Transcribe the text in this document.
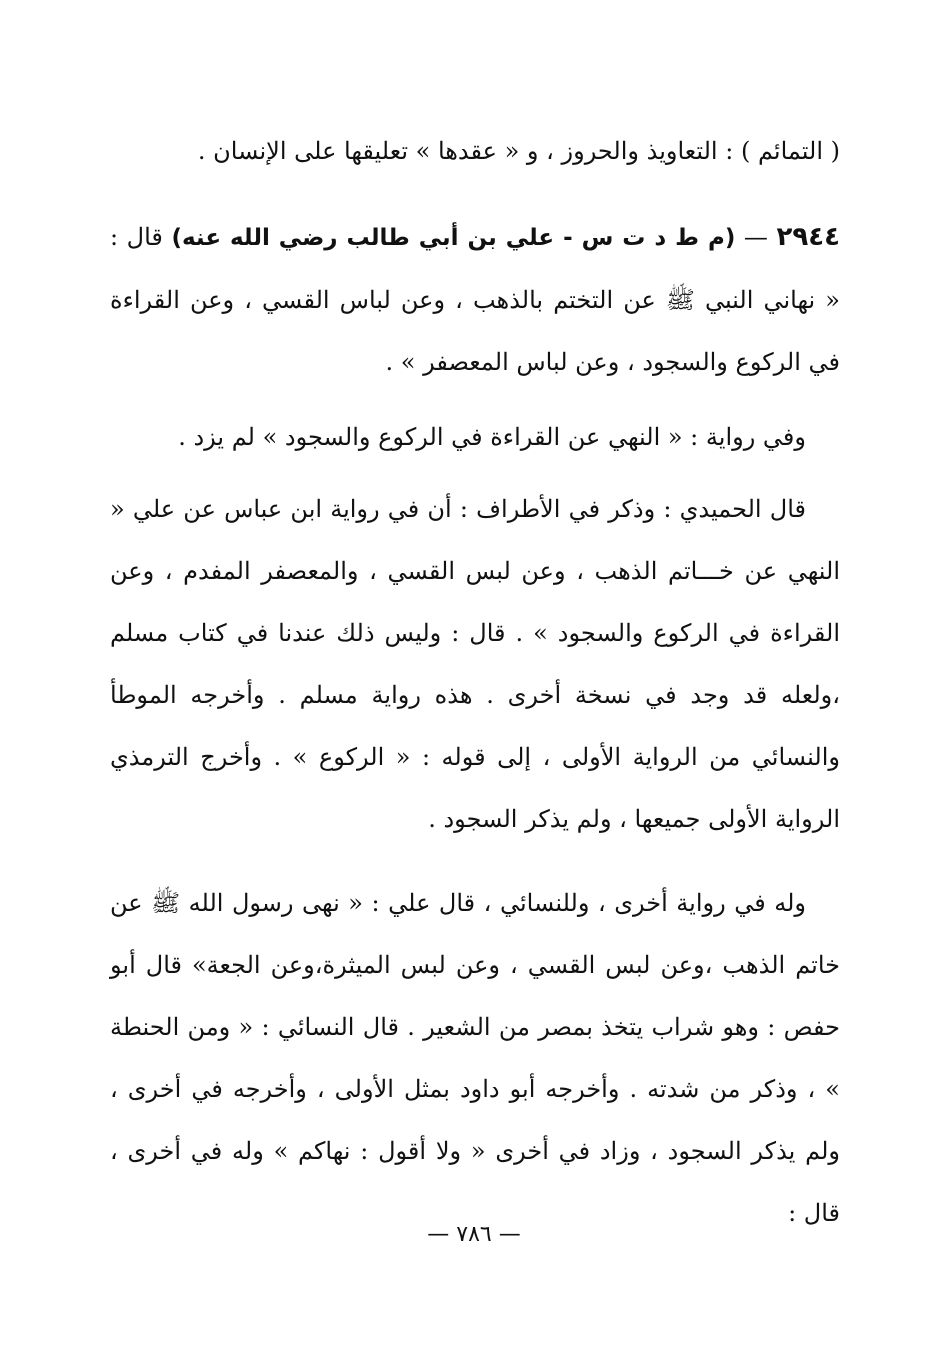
( التمائم ) : التعاويذ والحروز ، و « عقدها » تعليقها على الإنسان .

٢٩٤٤ — (م ط د ت س - علي بن أبي طالب رضي الله عنه) قال : « نهاني النبي ﷺ عن التختم بالذهب ، وعن لباس القسي ، وعن القراءة في الركوع والسجود ، وعن لباس المعصفر » .

وفي رواية : « النهي عن القراءة في الركوع والسجود » لم يزد .

قال الحميدي : وذكر في الأطراف : أن في رواية ابن عباس عن علي « النهي عن خـــاتم الذهب ، وعن لبس القسي ، والمعصفر المفدم ، وعن القراءة في الركوع والسجود » . قال : وليس ذلك عندنا في كتاب مسلم ،ولعله قد وجد في نسخة أخرى . هذه رواية مسلم . وأخرجه الموطأ والنسائي من الرواية الأولى ، إلى قوله : « الركوع » . وأخرج الترمذي الرواية الأولى جميعها ، ولم يذكر السجود .

وله في رواية أخرى ، وللنسائي ، قال علي : « نهى رسول الله ﷺ عن خاتم الذهب ،وعن لبس القسي ، وعن لبس الميثرة،وعن الجعة» قال أبو حفص : وهو شراب يتخذ بمصر من الشعير . قال النسائي : « ومن الحنطة » ، وذكر من شدته . وأخرجه أبو داود بمثل الأولى ، وأخرجه في أخرى ، ولم يذكر السجود ، وزاد في أخرى « ولا أقول : نهاكم » وله في أخرى ، قال :

— ٧٨٦ —
